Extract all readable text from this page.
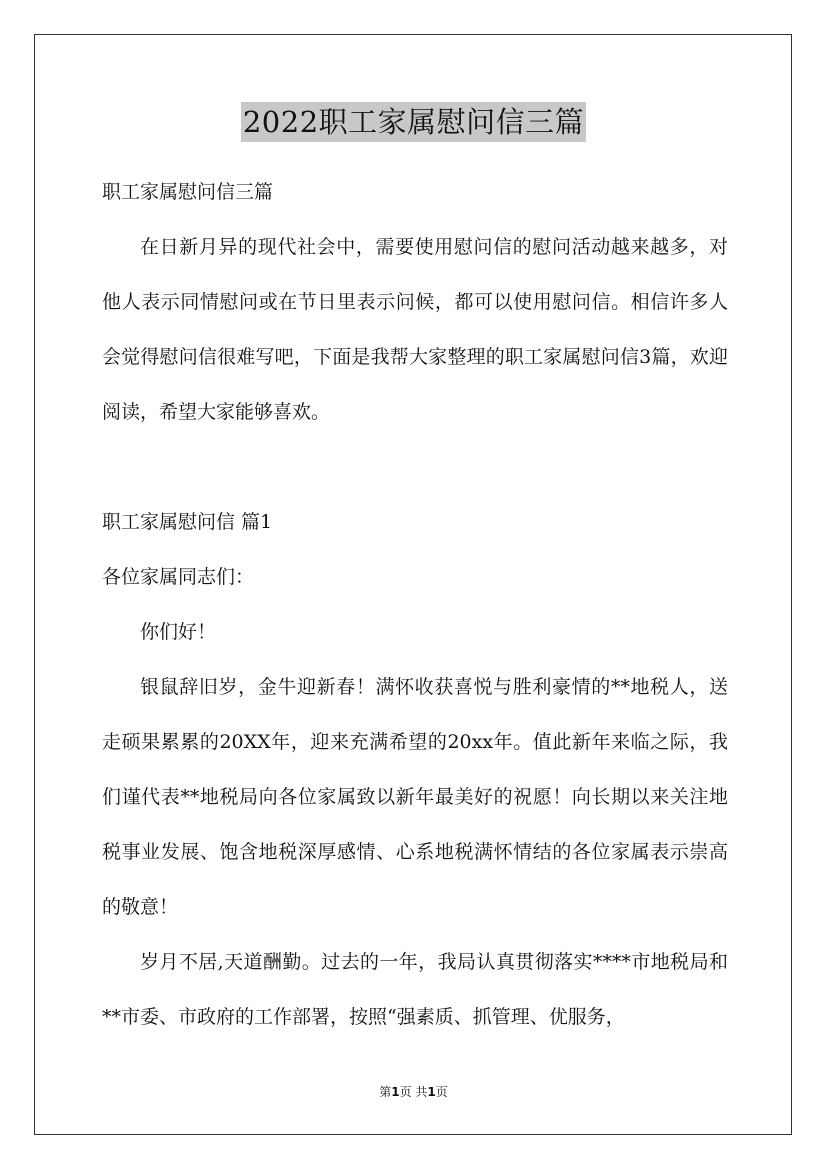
2022职工家属慰问信三篇

职工家属慰问信三篇

在日新月异的现代社会中，需要使用慰问信的慰问活动越来越多，对他人表示同情慰问或在节日里表示问候，都可以使用慰问信。相信许多人会觉得慰问信很难写吧，下面是我帮大家整理的职工家属慰问信3篇，欢迎阅读，希望大家能够喜欢。

职工家属慰问信 篇1

各位家属同志们：

你们好！

银鼠辞旧岁，金牛迎新春！满怀收获喜悦与胜利豪情的**地税人，送走硕果累累的20XX年，迎来充满希望的20xx年。值此新年来临之际，我们谨代表**地税局向各位家属致以新年最美好的祝愿！向长期以来关注地税事业发展、饱含地税深厚感情、心系地税满怀情结的各位家属表示崇高的敬意！

岁月不居,天道酬勤。过去的一年，我局认真贯彻落实****市地税局和**市委、市政府的工作部署，按照“强素质、抓管理、优服务，

第1页 共1页
